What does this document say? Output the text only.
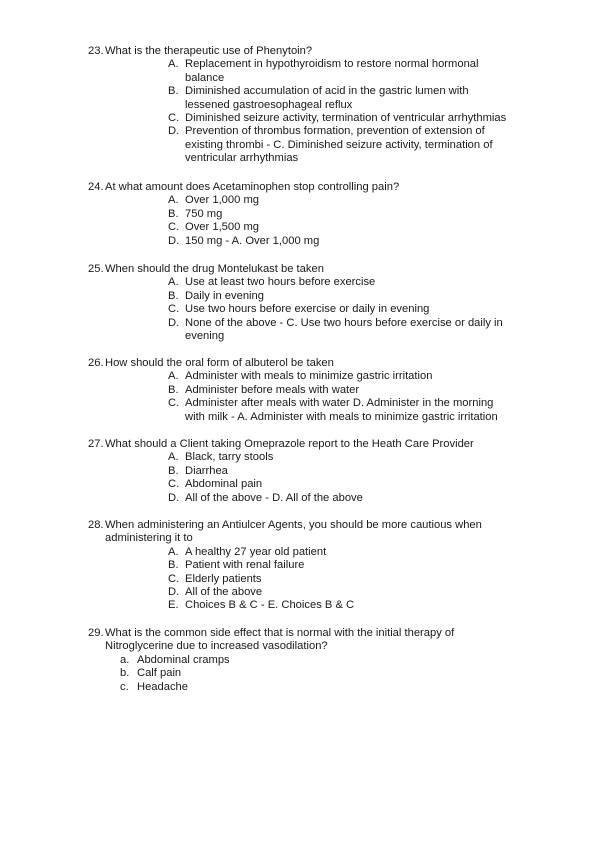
23. What is the therapeutic use of Phenytoin?
A. Replacement in hypothyroidism to restore normal hormonal
balance
B. Diminished accumulation of acid in the gastric lumen with
lessened gastroesophageal reflux
C. Diminished seizure activity, termination of ventricular arrhythmias
D. Prevention of thrombus formation, prevention of extension of
existing thrombi - C. Diminished seizure activity, termination of
ventricular arrhythmias
24. At what amount does Acetaminophen stop controlling pain?
A. Over 1,000 mg
B. 750 mg
C. Over 1,500 mg
D. 150 mg - A. Over 1,000 mg
25. When should the drug Montelukast be taken
A. Use at least two hours before exercise
B. Daily in evening
C. Use two hours before exercise or daily in evening
D. None of the above - C. Use two hours before exercise or daily in
evening
26. How should the oral form of albuterol be taken
A. Administer with meals to minimize gastric irritation
B. Administer before meals with water
C. Administer after meals with water D. Administer in the morning
with milk - A. Administer with meals to minimize gastric irritation
27. What should a Client taking Omeprazole report to the Heath Care Provider
A. Black, tarry stools
B. Diarrhea
C. Abdominal pain
D. All of the above - D. All of the above
28. When administering an Antiulcer Agents, you should be more cautious when
administering it to
A. A healthy 27 year old patient
B. Patient with renal failure
C. Elderly patients
D. All of the above
E. Choices B & C - E. Choices B & C
29. What is the common side effect that is normal with the initial therapy of
Nitroglycerine due to increased vasodilation?
a. Abdominal cramps
b. Calf pain
c. Headache
